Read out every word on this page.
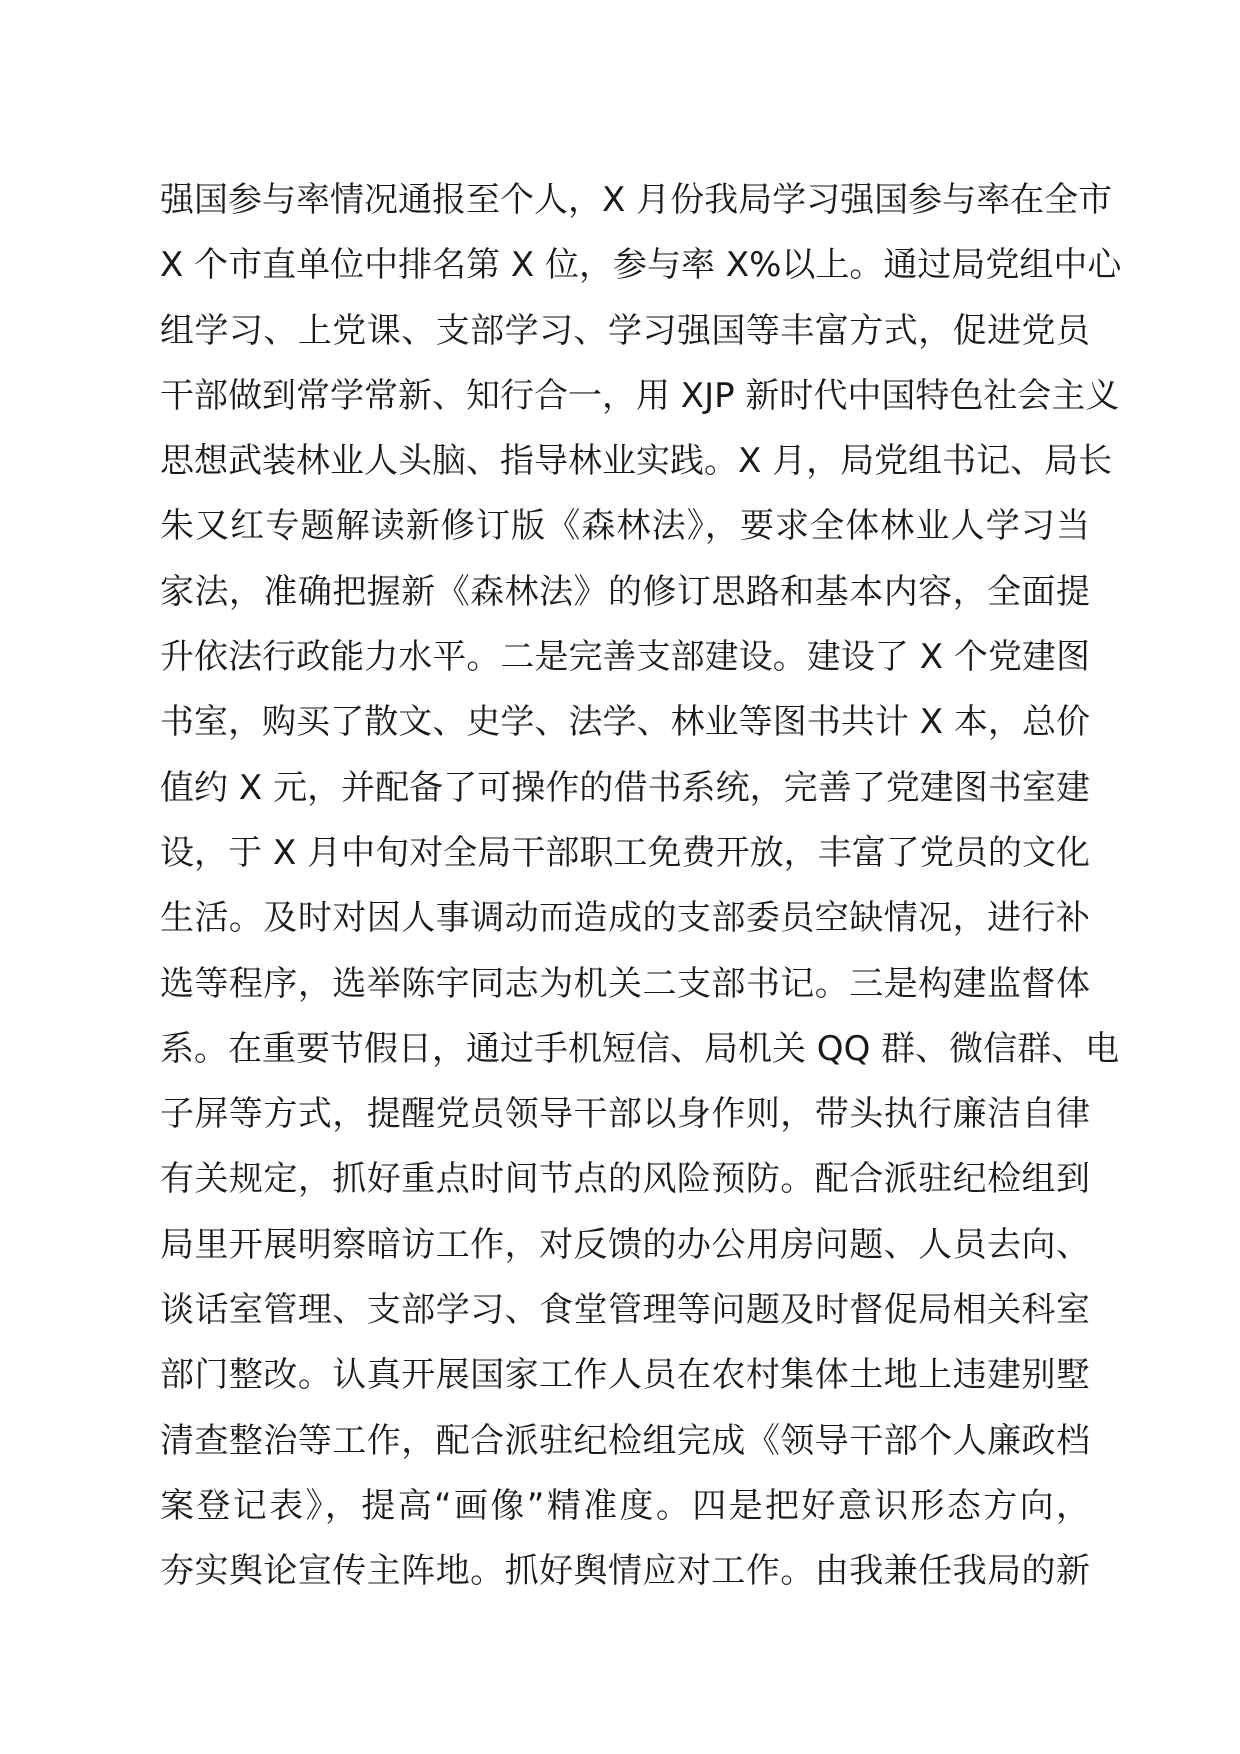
强国参与率情况通报至个人，X 月份我局学习强国参与率在全市
X 个市直单位中排名第 X 位，参与率 X%以上。通过局党组中心
组学习、上党课、支部学习、学习强国等丰富方式，促进党员
干部做到常学常新、知行合一，用 XJP 新时代中国特色社会主义
思想武装林业人头脑、指导林业实践。X 月，局党组书记、局长
朱又红专题解读新修订版《森林法》，要求全体林业人学习当
家法，准确把握新《森林法》的修订思路和基本内容，全面提
升依法行政能力水平。二是完善支部建设。建设了 X 个党建图
书室，购买了散文、史学、法学、林业等图书共计 X 本，总价
值约 X 元，并配备了可操作的借书系统，完善了党建图书室建
设，于 X 月中旬对全局干部职工免费开放，丰富了党员的文化
生活。及时对因人事调动而造成的支部委员空缺情况，进行补
选等程序，选举陈宇同志为机关二支部书记。三是构建监督体
系。在重要节假日，通过手机短信、局机关 QQ 群、微信群、电
子屏等方式，提醒党员领导干部以身作则，带头执行廉洁自律
有关规定，抓好重点时间节点的风险预防。配合派驻纪检组到
局里开展明察暗访工作，对反馈的办公用房问题、人员去向、
谈话室管理、支部学习、食堂管理等问题及时督促局相关科室
部门整改。认真开展国家工作人员在农村集体土地上违建别墅
清查整治等工作，配合派驻纪检组完成《领导干部个人廉政档
案登记表》，提高“画像”精准度。四是把好意识形态方向，
夯实舆论宣传主阵地。抓好舆情应对工作。由我兼任我局的新
